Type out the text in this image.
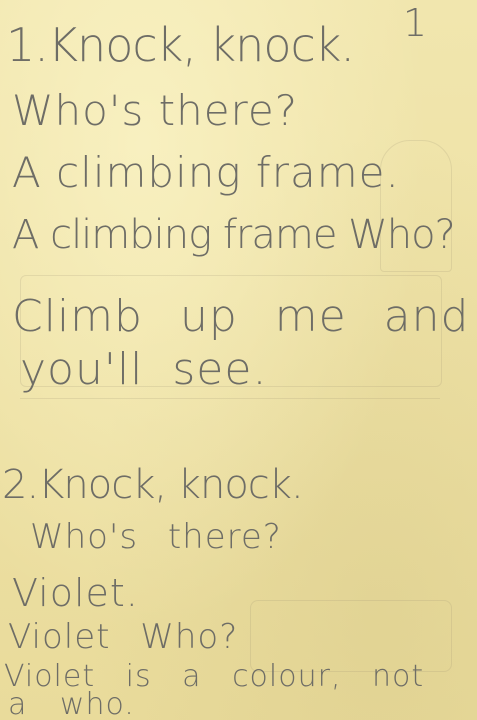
1

1.Knock, knock.

Who's there?

A climbing frame.

A climbing frame Who?

Climb up me and

you'll see.

2.Knock, knock.

Who's there?

Violet.

Violet Who?

Violet is a colour, not

a who.
